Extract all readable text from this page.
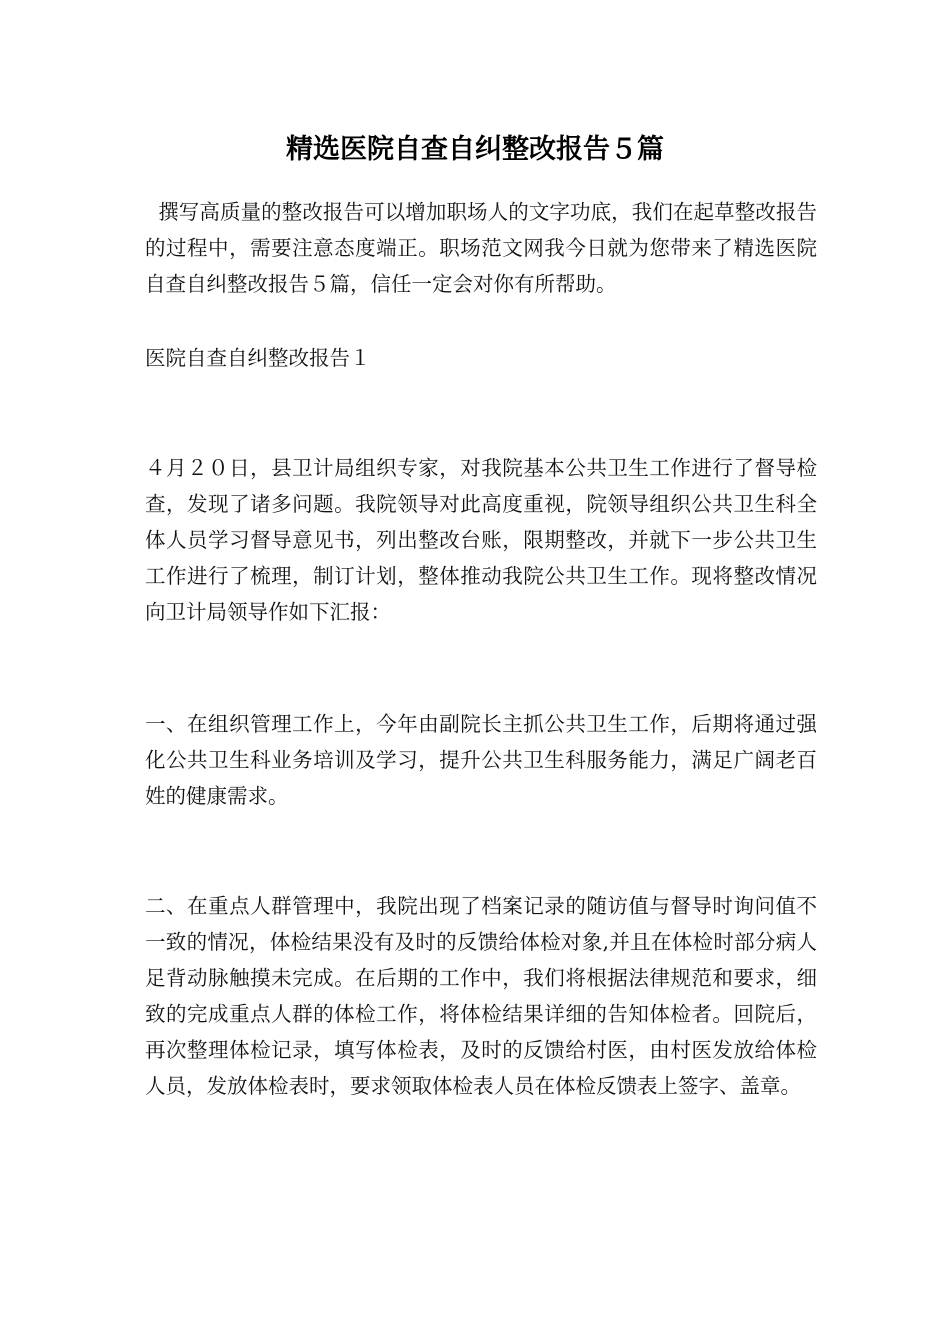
精选医院自查自纠整改报告５篇

撰写高质量的整改报告可以增加职场人的文字功底，我们在起草整改报告的过程中，需要注意态度端正。职场范文网我今日就为您带来了精选医院自查自纠整改报告５篇，信任一定会对你有所帮助。

医院自查自纠整改报告１

４月２０日，县卫计局组织专家，对我院基本公共卫生工作进行了督导检查，发现了诸多问题。我院领导对此高度重视，院领导组织公共卫生科全体人员学习督导意见书，列出整改台账，限期整改，并就下一步公共卫生工作进行了梳理，制订计划，整体推动我院公共卫生工作。现将整改情况向卫计局领导作如下汇报：

一、在组织管理工作上，今年由副院长主抓公共卫生工作，后期将通过强化公共卫生科业务培训及学习，提升公共卫生科服务能力，满足广阔老百姓的健康需求。

二、在重点人群管理中，我院出现了档案记录的随访值与督导时询问值不一致的情况，体检结果没有及时的反馈给体检对象,并且在体检时部分病人足背动脉触摸未完成。在后期的工作中，我们将根据法律规范和要求，细致的完成重点人群的体检工作，将体检结果详细的告知体检者。回院后，再次整理体检记录，填写体检表，及时的反馈给村医，由村医发放给体检人员，发放体检表时，要求领取体检表人员在体检反馈表上签字、盖章。
